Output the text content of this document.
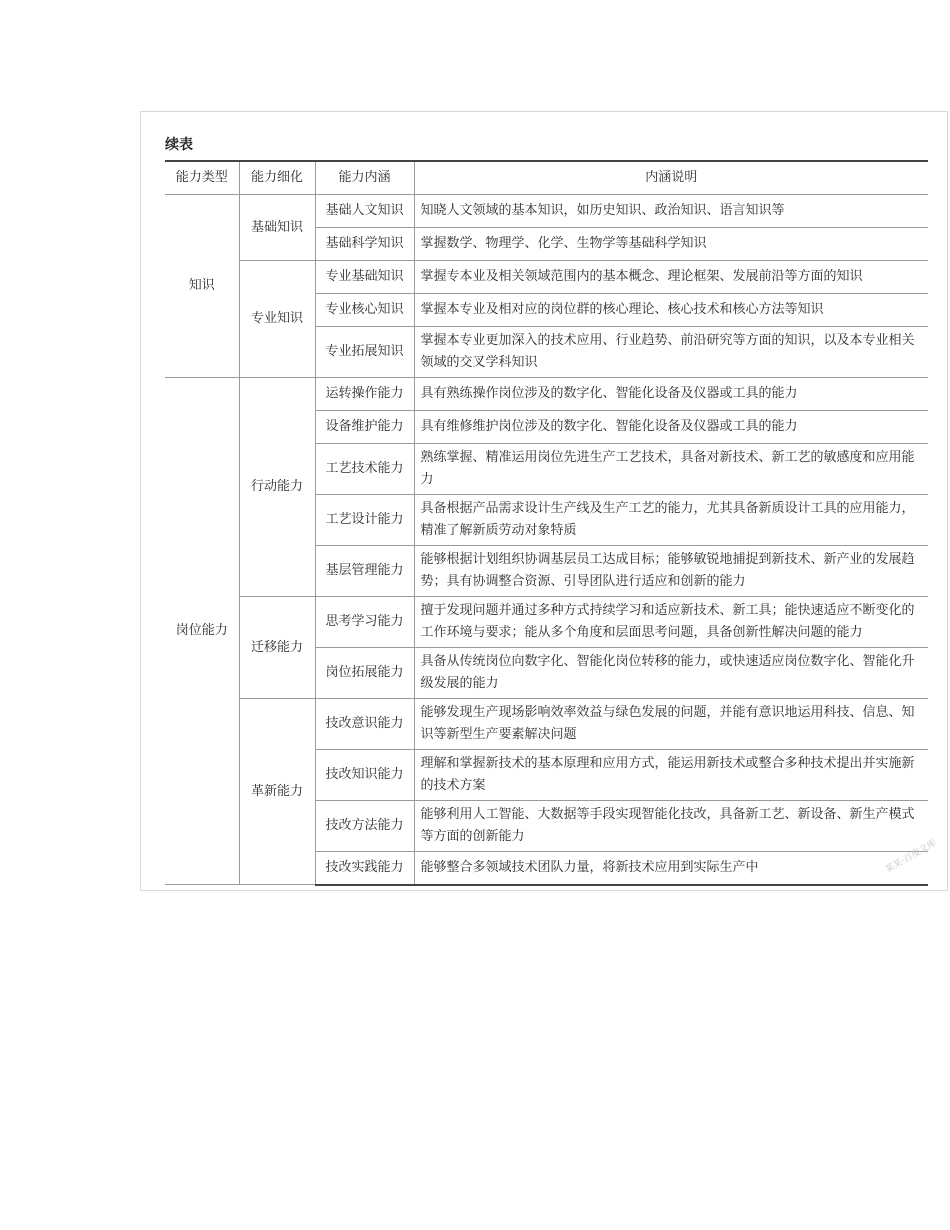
续表
能力类型	能力细化	能力内涵	内涵说明
知识	基础知识	基础人文知识	知晓人文领域的基本知识，如历史知识、政治知识、语言知识等
		基础科学知识	掌握数学、物理学、化学、生物学等基础科学知识
	专业知识	专业基础知识	掌握专本业及相关领域范围内的基本概念、理论框架、发展前沿等方面的知识
		专业核心知识	掌握本专业及相对应的岗位群的核心理论、核心技术和核心方法等知识
		专业拓展知识	掌握本专业更加深入的技术应用、行业趋势、前沿研究等方面的知识，以及本专业相关领域的交叉学科知识
岗位能力	行动能力	运转操作能力	具有熟练操作岗位涉及的数字化、智能化设备及仪器或工具的能力
		设备维护能力	具有维修维护岗位涉及的数字化、智能化设备及仪器或工具的能力
		工艺技术能力	熟练掌握、精准运用岗位先进生产工艺技术，具备对新技术、新工艺的敏感度和应用能力
		工艺设计能力	具备根据产品需求设计生产线及生产工艺的能力，尤其具备新质设计工具的应用能力，精准了解新质劳动对象特质
		基层管理能力	能够根据计划组织协调基层员工达成目标；能够敏锐地捕捉到新技术、新产业的发展趋势；具有协调整合资源、引导团队进行适应和创新的能力
	迁移能力	思考学习能力	擅于发现问题并通过多种方式持续学习和适应新技术、新工具；能快速适应不断变化的工作环境与要求；能从多个角度和层面思考问题，具备创新性解决问题的能力
		岗位拓展能力	具备从传统岗位向数字化、智能化岗位转移的能力，或快速适应岗位数字化、智能化升级发展的能力
	革新能力	技改意识能力	能够发现生产现场影响效率效益与绿色发展的问题，并能有意识地运用科技、信息、知识等新型生产要素解决问题
		技改知识能力	理解和掌握新技术的基本原理和应用方式，能运用新技术或整合多种技术提出并实施新的技术方案
		技改方法能力	能够利用人工智能、大数据等手段实现智能化技改，具备新工艺、新设备、新生产模式等方面的创新能力
		技改实践能力	能够整合多领域技术团队力量，将新技术应用到实际生产中	某某·百度文库
